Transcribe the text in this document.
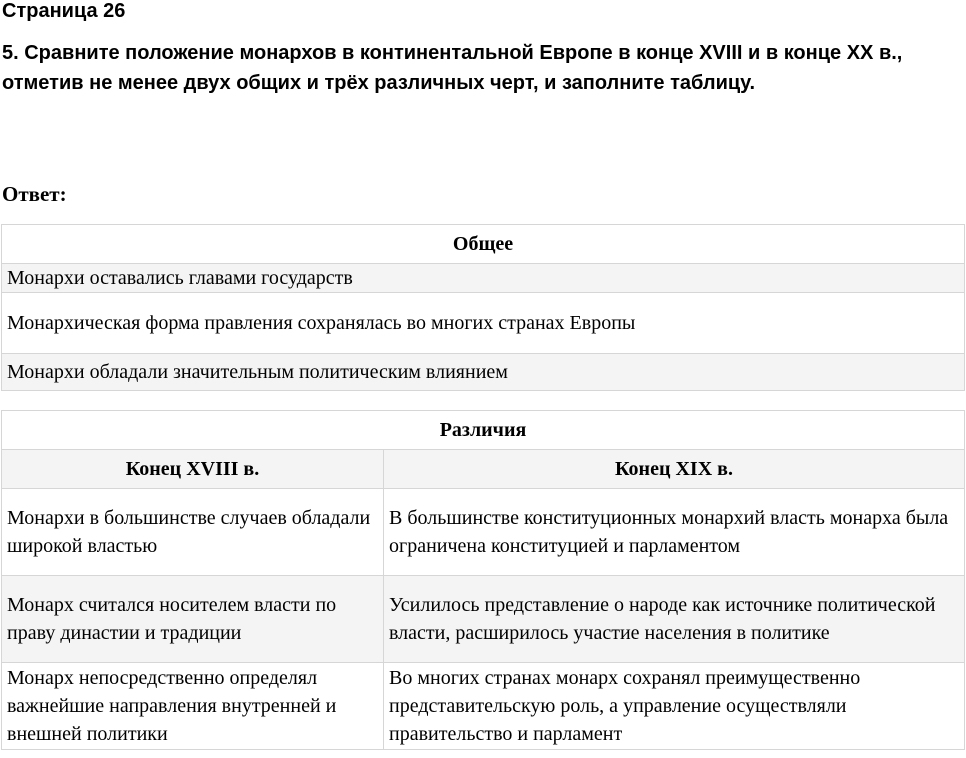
Страница 26

5. Сравните положение монархов в континентальной Европе в конце XVIII и в конце XX в., отметив не менее двух общих и трёх различных черт, и заполните таблицу.

Ответ:
Общее
Монархи оставались главами государств
Монархическая форма правления сохранялась во многих странах Европы
Монархи обладали значительным политическим влиянием
Различия	
Конец XVIII в.	Конец XIX в.
Монархи в большинстве случаев обладали широкой властью	В большинстве конституционных монархий власть монарха была ограничена конституцией и парламентом
Монарх считался носителем власти по праву династии и традиции	Усилилось представление о народе как источнике политической власти, расширилось участие населения в политике
Монарх непосредственно определял важнейшие направления внутренней и внешней политики	Во многих странах монарх сохранял преимущественно представительскую роль, а управление осуществляли правительство и парламент
